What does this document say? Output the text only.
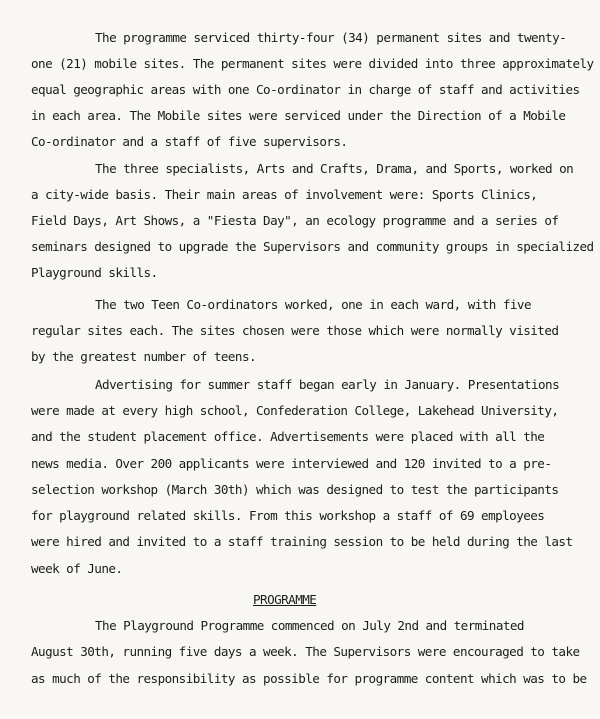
The programme serviced thirty-four (34) permanent sites and twenty-

one (21) mobile sites. The permanent sites were divided into three approximately

equal geographic areas with one Co-ordinator in charge of staff and activities

in each area. The Mobile sites were serviced under the Direction of a Mobile

Co-ordinator and a staff of five supervisors.

The three specialists, Arts and Crafts, Drama, and Sports, worked on

a city-wide basis. Their main areas of involvement were: Sports Clinics,

Field Days, Art Shows, a "Fiesta Day", an ecology programme and a series of

seminars designed to upgrade the Supervisors and community groups in specialized

Playground skills.

The two Teen Co-ordinators worked, one in each ward, with five

regular sites each. The sites chosen were those which were normally visited

by the greatest number of teens.

Advertising for summer staff began early in January. Presentations

were made at every high school, Confederation College, Lakehead University,

and the student placement office. Advertisements were placed with all the

news media. Over 200 applicants were interviewed and 120 invited to a pre-

selection workshop (March 30th) which was designed to test the participants

for playground related skills. From this workshop a staff of 69 employees

were hired and invited to a staff training session to be held during the last

week of June.

PROGRAMME

The Playground Programme commenced on July 2nd and terminated

August 30th, running five days a week. The Supervisors were encouraged to take

as much of the responsibility as possible for programme content which was to be
